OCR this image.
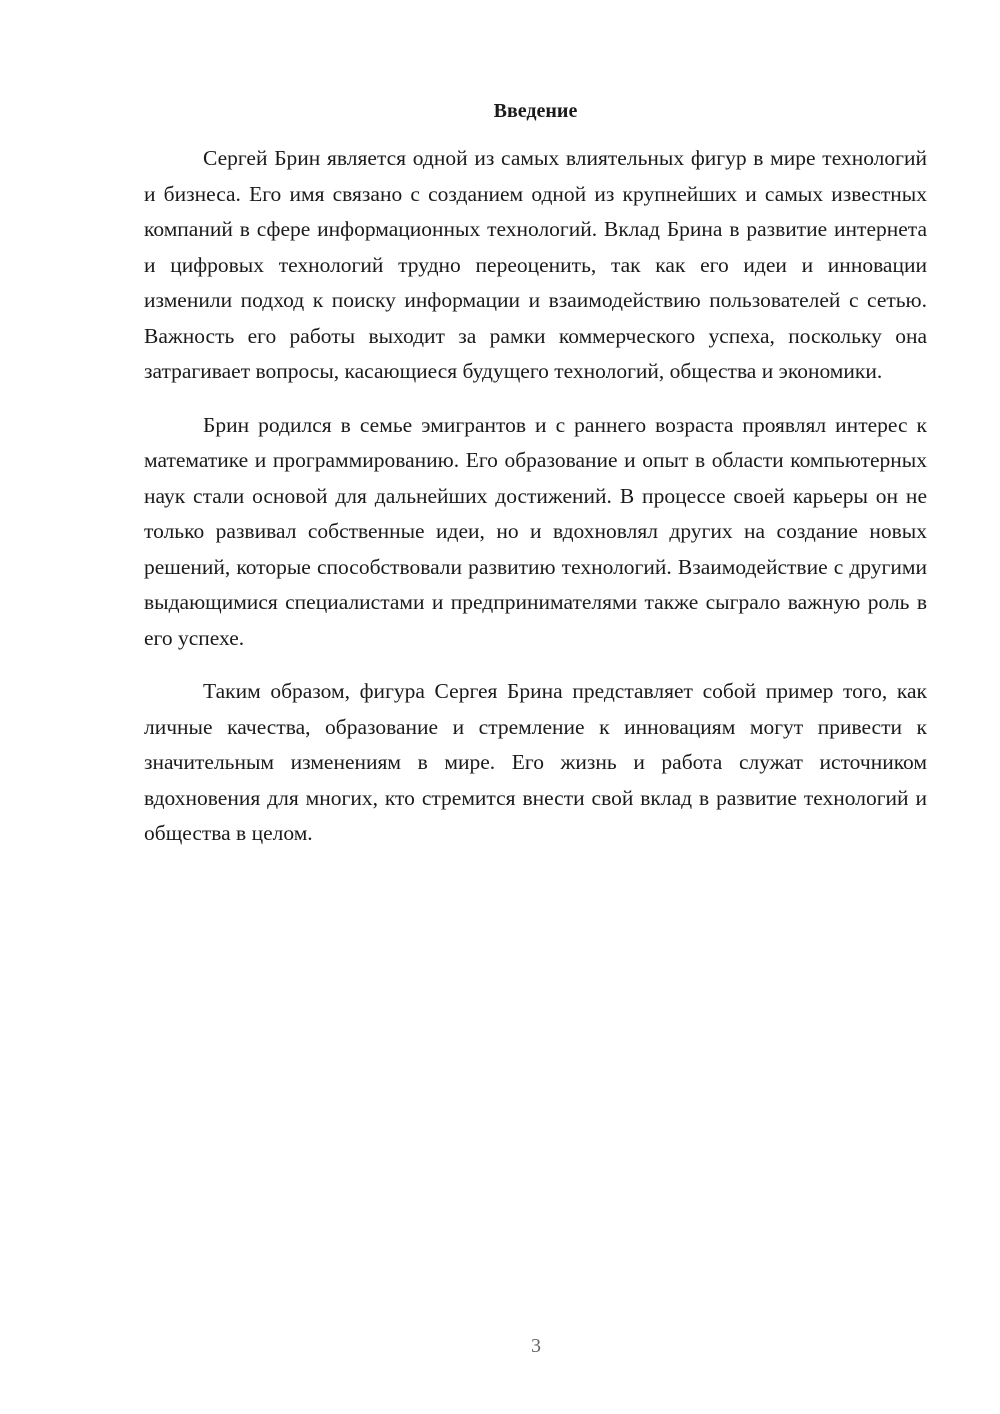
Введение

Сергей Брин является одной из самых влиятельных фигур в мире технологий и бизнеса. Его имя связано с созданием одной из крупнейших и самых известных компаний в сфере информационных технологий. Вклад Брина в развитие интернета и цифровых технологий трудно переоценить, так как его идеи и инновации изменили подход к поиску информации и взаимодействию пользователей с сетью. Важность его работы выходит за рамки коммерческого успеха, поскольку она затрагивает вопросы, касающиеся будущего технологий, общества и экономики.

Брин родился в семье эмигрантов и с раннего возраста проявлял интерес к математике и программированию. Его образование и опыт в области компьютерных наук стали основой для дальнейших достижений. В процессе своей карьеры он не только развивал собственные идеи, но и вдохновлял других на создание новых решений, которые способствовали развитию технологий. Взаимодействие с другими выдающимися специалистами и предпринимателями также сыграло важную роль в его успехе.

Таким образом, фигура Сергея Брина представляет собой пример того, как личные качества, образование и стремление к инновациям могут привести к значительным изменениям в мире. Его жизнь и работа служат источником вдохновения для многих, кто стремится внести свой вклад в развитие технологий и общества в целом.

3
